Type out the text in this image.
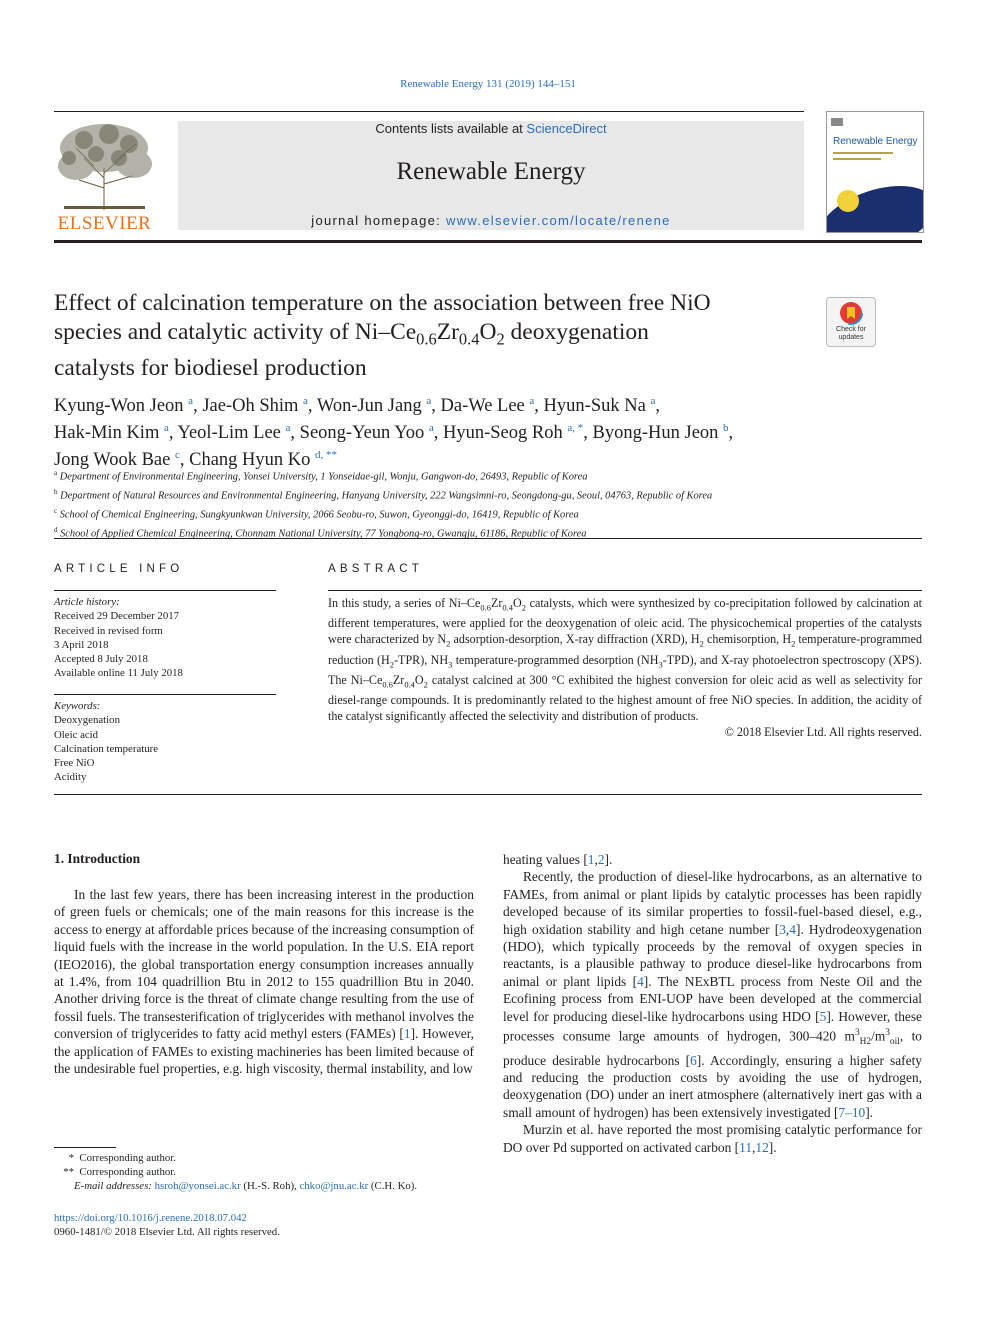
Renewable Energy 131 (2019) 144–151
ELSEVIER
Contents lists available at ScienceDirect
Renewable Energy
journal homepage: www.elsevier.com/locate/renene
Renewable Energy
Effect of calcination temperature on the association between free NiO
species and catalytic activity of $Ni-Ce_{0.6}Zr_{0.4}O_2$ deoxygenation
catalysts for biodiesel production
Check for updates
Kyung-Won Jeon $^a$, Jae-Oh Shim $^a$, Won-Jun Jang $^a$, Da-We Lee $^a$, Hyun-Suk Na $^a$,
Hak-Min Kim $^a$, Yeol-Lim Lee $^a$, Seong-Yeun Yoo $^a$, Hyun-Seog Roh $^{a, *}$, Byong-Hun Jeon $^b$,
Jong Wook Bae $^c$, Chang Hyun Ko $^{d, **}$
$^a$ Department of Environmental Engineering, Yonsei University, 1 Yonseidae-gil, Wonju, Gangwon-do, 26493, Republic of Korea
$^b$ Department of Natural Resources and Environmental Engineering, Hanyang University, 222 Wangsimni-ro, Seongdong-gu, Seoul, 04763, Republic of Korea
$^c$ School of Chemical Engineering, Sungkyunkwan University, 2066 Seobu-ro, Suwon, Gyeonggi-do, 16419, Republic of Korea
$^d$ School of Applied Chemical Engineering, Chonnam National University, 77 Yongbong-ro, Gwangju, 61186, Republic of Korea
ARTICLE INFO
Article history:
Received 29 December 2017
Received in revised form
3 April 2018
Accepted 8 July 2018
Available online 11 July 2018
Keywords:
Deoxygenation
Oleic acid
Calcination temperature
Free NiO
Acidity
ABSTRACT
In this study, a series of $Ni-Ce_{0.6}Zr_{0.4}O_2$ catalysts, which were synthesized by co-precipitation followed by calcination at different temperatures, were applied for the deoxygenation of oleic acid. The physicochemical properties of the catalysts were characterized by $N_2$ adsorption-desorption, X-ray diffraction (XRD), $H_2$ chemisorption, $H_2$ temperature-programmed reduction $(H_2-TPR)$, $NH_3$ temperature-programmed desorption $(NH_3-TPD)$, and X-ray photoelectron spectroscopy (XPS). The $Ni-Ce_{0.6}Zr_{0.4}O_2$ catalyst calcined at 300 °C exhibited the highest conversion for oleic acid as well as selectivity for diesel-range compounds. It is predominantly related to the highest amount of free NiO species. In addition, the acidity of the catalyst significantly affected the selectivity and distribution of products.
© 2018 Elsevier Ltd. All rights reserved.
1. Introduction

In the last few years, there has been increasing interest in the production of green fuels or chemicals; one of the main reasons for this increase is the access to energy at affordable prices because of the increasing consumption of liquid fuels with the increase in the world population. In the U.S. EIA report (IEO2016), the global transportation energy consumption increases annually at 1.4%, from 104 quadrillion Btu in 2012 to 155 quadrillion Btu in 2040. Another driving force is the threat of climate change resulting from the use of fossil fuels. The transesterification of triglycerides with methanol involves the conversion of triglycerides to fatty acid methyl esters (FAMEs) [1]. However, the application of FAMEs to existing machineries has been limited because of the undesirable fuel properties, e.g. high viscosity, thermal instability, and low

heating values [1,2].

Recently, the production of diesel-like hydrocarbons, as an alternative to FAMEs, from animal or plant lipids by catalytic processes has been rapidly developed because of its similar properties to fossil-fuel-based diesel, e.g., high oxidation stability and high cetane number [3,4]. Hydrodeoxygenation (HDO), which typically proceeds by the removal of oxygen species in reactants, is a plausible pathway to produce diesel-like hydrocarbons from animal or plant lipids [4]. The NExBTL process from Neste Oil and the Ecofining process from ENI-UOP have been developed at the commercial level for producing diesel-like hydrocarbons using HDO [5]. However, these processes consume large amounts of hydrogen, 300–420 $m^3_{H2}/m^3_{oil}$, to produce desirable hydrocarbons [6]. Accordingly, ensuring a higher safety and reducing the production costs by avoiding the use of hydrogen, deoxygenation (DO) under an inert atmosphere (alternatively inert gas with a small amount of hydrogen) has been extensively investigated [7–10].

Murzin et al. have reported the most promising catalytic performance for DO over Pd supported on activated carbon [11,12].

* Corresponding author.
** Corresponding author.
E-mail addresses: hsroh@yonsei.ac.kr (H.-S. Roh), chko@jnu.ac.kr (C.H. Ko).
https://doi.org/10.1016/j.renene.2018.07.042
0960-1481/© 2018 Elsevier Ltd. All rights reserved.
